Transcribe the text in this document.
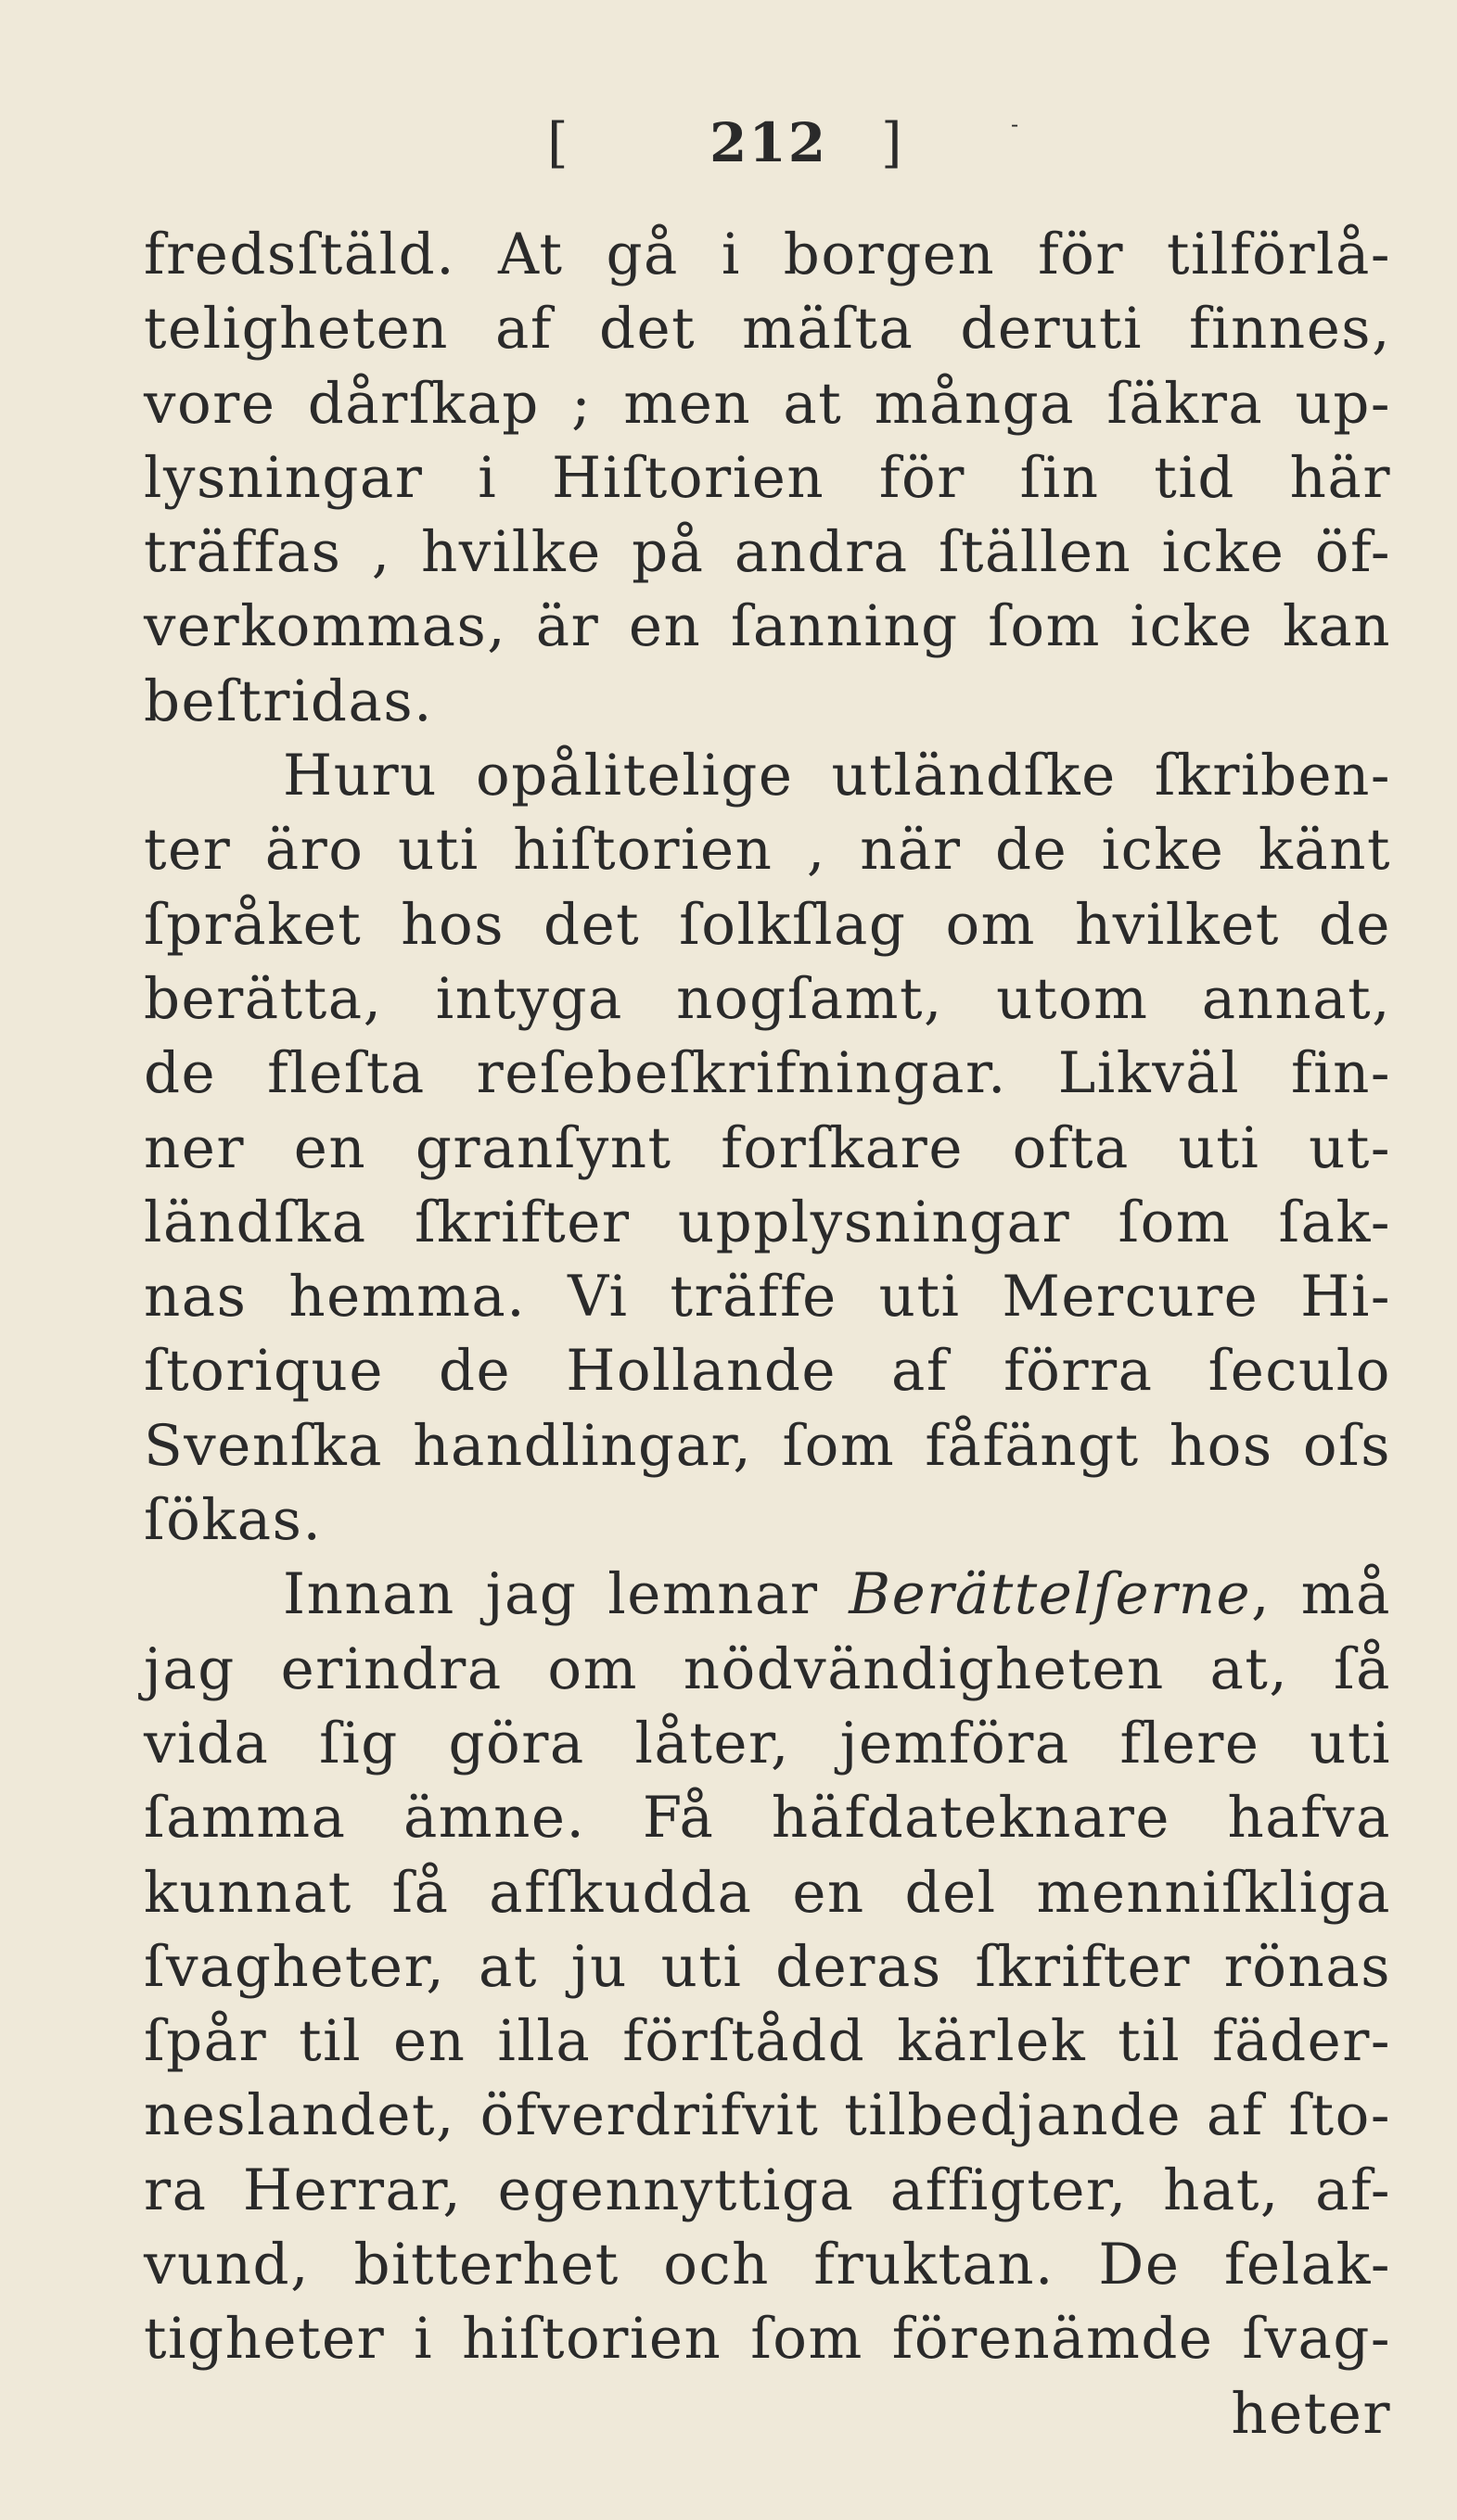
[	212 ]	-
fredsſtäld. At gå i borgen för tilförlå-
teligheten af det mäſta deruti finnes,
vore dårſkap ; men at många ſäkra up-
lysningar i Hiſtorien för ſin tid här
träffas , hvilke på andra ſtällen icke öf-
verkommas, är en ſanning ſom icke kan
beſtridas.
Huru opålitelige utländſke ſkriben-
ter äro uti hiſtorien , när de icke känt
ſpråket hos det ſolkſlag om hvilket de
berätta, intyga nogſamt, utom annat,
de fleſta reſebeſkrifningar. Likväl fin-
ner en granſynt forſkare ofta uti ut-
ländſka ſkrifter upplysningar ſom ſak-
nas hemma. Vi träffe uti Mercure Hi-
ſtorique de Hollande af förra ſeculo
Svenſka handlingar, ſom fåfängt hos oſs
ſökas.
Innan jag lemnar Berättelſerne, må
jag erindra om nödvändigheten at, ſå
vida ſig göra låter, jemföra flere uti
ſamma ämne. Få häfdateknare hafva
kunnat ſå afſkudda en del menniſkliga
ſvagheter, at ju uti deras ſkrifter rönas
ſpår til en illa förſtådd kärlek til fäder-
neslandet, öfverdrifvit tilbedjande af ſto-
ra Herrar, egennyttiga affigter, hat, af-
vund, bitterhet och fruktan. De felak-
tigheter i hiſtorien ſom förenämde ſvag-
heter
